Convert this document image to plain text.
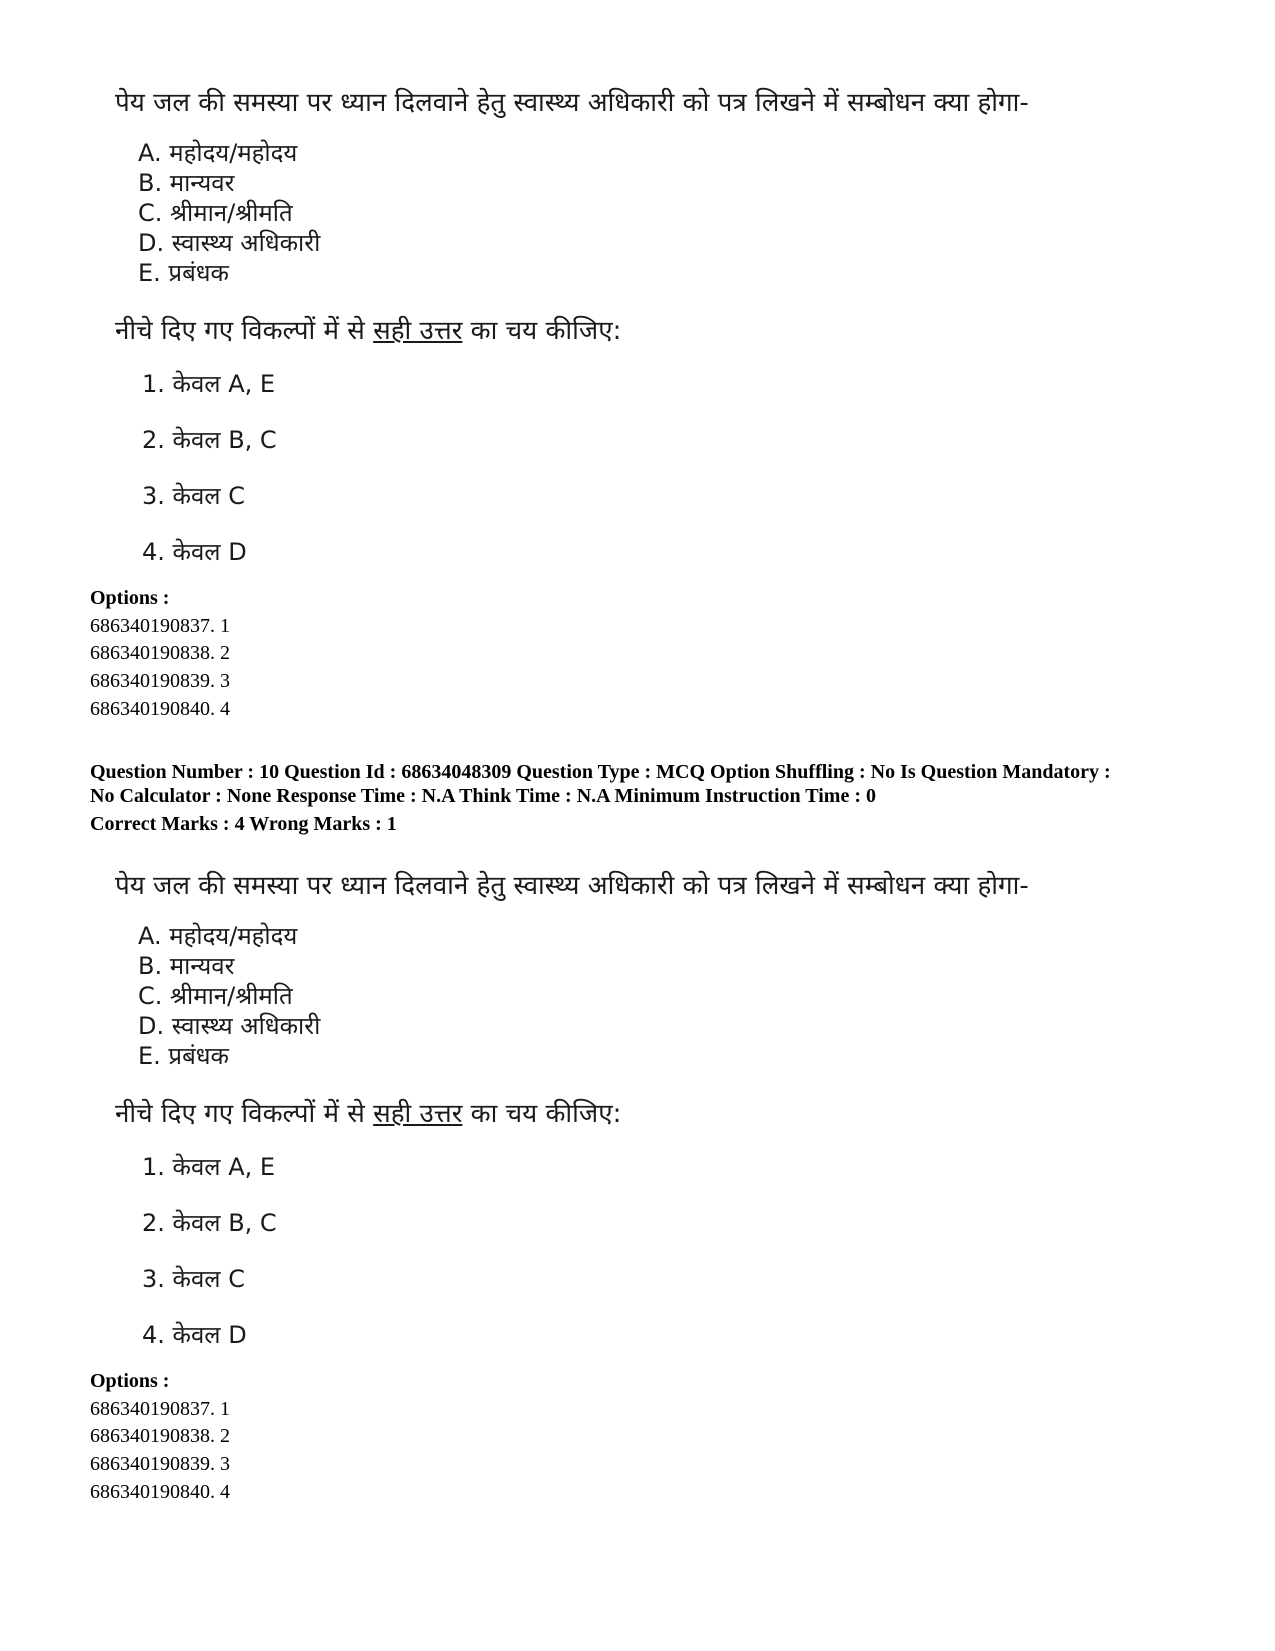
पेय जल की समस्या पर ध्यान दिलवाने हेतु स्वास्थ्य अधिकारी को पत्र लिखने में सम्बोधन क्या होगा-
A. महोदय/महोदय
B. मान्यवर
C. श्रीमान/श्रीमति
D. स्वास्थ्य अधिकारी
E. प्रबंधक
नीचे दिए गए विकल्पों में से सही उत्तर का चय कीजिए:
1. केवल A, E
2. केवल B, C
3. केवल C
4. केवल D
Options :
686340190837. 1
686340190838. 2
686340190839. 3
686340190840. 4
Question Number : 10 Question Id : 68634048309 Question Type : MCQ Option Shuffling : No Is Question Mandatory :
No Calculator : None Response Time : N.A Think Time : N.A Minimum Instruction Time : 0
Correct Marks : 4 Wrong Marks : 1
पेय जल की समस्या पर ध्यान दिलवाने हेतु स्वास्थ्य अधिकारी को पत्र लिखने में सम्बोधन क्या होगा-
A. महोदय/महोदय
B. मान्यवर
C. श्रीमान/श्रीमति
D. स्वास्थ्य अधिकारी
E. प्रबंधक
नीचे दिए गए विकल्पों में से सही उत्तर का चय कीजिए:
1. केवल A, E
2. केवल B, C
3. केवल C
4. केवल D
Options :
686340190837. 1
686340190838. 2
686340190839. 3
686340190840. 4
